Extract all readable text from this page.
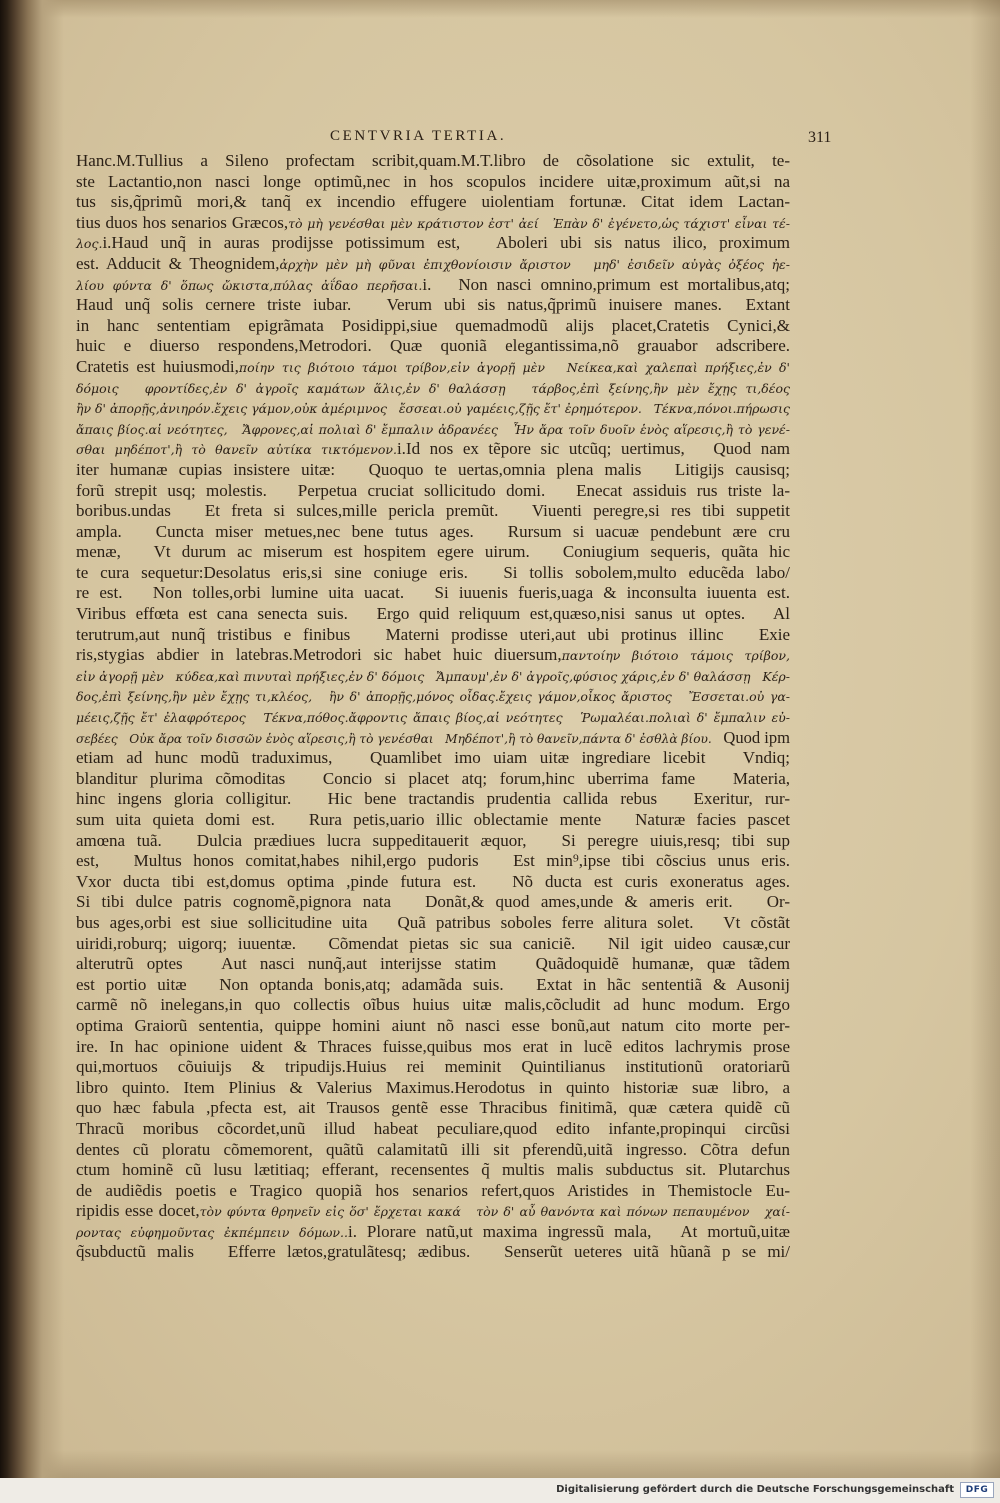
CENTVRIA TERTIA.	311
Hanc.M.Tullius a Sileno profectam scribit,quam.M.T.libro de cõsolatione sic extulit, te-
ste Lactantio,non nasci longe optimũ,nec in hos scopulos incidere uitæ,proximum aũt,si na
tus sis,q̃primũ mori,& tanq̃ ex incendio effugere uiolentiam fortunæ. Citat idem Lactan-
tius duos hos senarios Græcos,τὸ μὴ γενέσθαι μὲν κράτιστον ἐστ' ἀεί   Ἐπὰν δ' ἐγένετο,ὡς τάχιστ' εἶναι τέ-
λος.i.Haud unq̃ in auras prodijsse potissimum est,   Aboleri ubi sis natus ilico, proximum
est. Adducit & Theognidem,ἀρχὴν μὲν μὴ φῦναι ἐπιχθονίοισιν ἄριστον   μηδ' ἐσιδεῖν αὐγὰς ὀξέος ἠε-
λίου φύντα δ' ὅπως ὤκιστα,πύλας ἀΐδαο περῆσαι.i.   Non nasci omnino,primum est mortalibus,atq;
Haud unq̃ solis cernere triste iubar.   Verum ubi sis natus,q̃primũ inuisere manes.  Extant
in hanc sententiam epigrãmata Posidippi,siue quemadmodũ alijs placet,Cratetis Cynici,&
huic e diuerso respondens,Metrodori. Quæ quoniã elegantissima,nõ grauabor adscribere.
Cratetis est huiusmodi,ποίην τις βιότοιο τάμοι τρίβον,εἰν ἀγορῇ μὲν   Νείκεα,καὶ χαλεπαὶ πρήξιες,ἐν δ'
δόμοις   φροντίδες,ἐν δ' ἀγροῖς καμάτων ἅλις,ἐν δ' θαλάσσῃ   τάρβος,ἐπὶ ξείνης,ἢν μὲν ἔχῃς τι,δέος
ἢν δ' ἀπορῇς,ἀνιηρόν.ἔχεις γάμον,οὐκ ἀμέριμνος   ἔσσεαι.οὐ γαμέεις,ζῇς ἔτ' ἐρημότερον.   Τέκνα,πόνοι.πήρωσις
ἄπαις βίος.αἱ νεότητες,   Ἄφρονες,αἱ πολιαὶ δ' ἔμπαλιν ἀδρανέες   Ἦν ἄρα τοῖν δυοῖν ἑνὸς αἵρεσις,ἢ τὸ γενέ-
σθαι μηδέποτ',ἢ τὸ θανεῖν αὐτίκα τικτόμενον.i.Id nos ex tẽpore sic utcũq; uertimus,   Quod nam
iter humanæ cupias insistere uitæ:   Quoquo te uertas,omnia plena malis   Litigijs causisq;
forũ strepit usq; molestis.   Perpetua cruciat sollicitudo domi.   Enecat assiduis rus triste la-
boribus.undas   Et freta si sulces,mille pericla premũt.   Viuenti peregre,si res tibi suppetit
ampla.   Cuncta miser metues,nec bene tutus ages.   Rursum si uacuæ pendebunt ære cru
menæ,   Vt durum ac miserum est hospitem egere uirum.   Coniugium sequeris, quãta hic
te cura sequetur:Desolatus eris,si sine coniuge eris.   Si tollis sobolem,multo educẽda labo/
re est.   Non tolles,orbi lumine uita uacat.   Si iuuenis fueris,uaga & inconsulta iuuenta est.
Viribus effœta est cana senecta suis.   Ergo quid reliquum est,quæso,nisi sanus ut optes.   Al
terutrum,aut nunq̃ tristibus e finibus   Materni prodisse uteri,aut ubi protinus illinc   Exie
ris,stygias abdier in latebras.Metrodori sic habet huic diuersum,παντοίην βιότοιο τάμοις τρίβον,
εἰν ἀγορῇ μὲν   κύδεα,καὶ πινυταὶ πρήξιες,ἐν δ' δόμοις   Ἄμπαυμ',ἐν δ' ἀγροῖς,φύσιος χάρις,ἐν δ' θαλάσσῃ   Κέρ-
δος,ἐπὶ ξείνης,ἢν μὲν ἔχῃς τι,κλέος,   ἢν δ' ἀπορῇς,μόνος οἶδας.ἔχεις γάμον,οἶκος ἄριστος   Ἔσσεται.οὐ γα-
μέεις,ζῇς ἔτ' ἐλαφρότερος   Τέκνα,πόθος.ἄφροντις ἄπαις βίος,αἱ νεότητες   Ῥωμαλέαι.πολιαὶ δ' ἔμπαλιν εὐ-
σεβέες   Οὐκ ἄρα τοῖν δισσῶν ἑνὸς αἵρεσις,ἢ τὸ γενέσθαι   Μηδέποτ',ἢ τὸ θανεῖν,πάντα δ' ἐσθλὰ βίου.   Quod ipm
etiam ad hunc modũ traduximus,   Quamlibet imo uiam uitæ ingrediare licebit   Vndiq;
blanditur plurima cõmoditas   Concio si placet atq; forum,hinc uberrima fame   Materia,
hinc ingens gloria colligitur.   Hic bene tractandis prudentia callida rebus   Exeritur, rur-
sum uita quieta domi est.   Rura petis,uario illic oblectamie mente   Naturæ facies pascet
amœna tuã.   Dulcia prædiues lucra suppeditauerit æquor,   Si peregre uiuis,resq; tibi sup
est,   Multus honos comitat,habes nihil,ergo pudoris   Est min⁹,ipse tibi cõscius unus eris.
Vxor ducta tibi est,domus optima ,pinde futura est.   Nõ ducta est curis exoneratus ages.
Si tibi dulce patris cognomẽ,pignora nata   Donãt,& quod ames,unde & ameris erit.   Or-
bus ages,orbi est siue sollicitudine uita   Quã patribus soboles ferre alitura solet.   Vt cõstãt
uiridi,roburq; uigorq; iuuentæ.   Cõmendat pietas sic sua caniciẽ.   Nil igit uideo causæ,cur
alterutrũ optes   Aut nasci nunq̃,aut interijsse statim   Quãdoquidẽ humanæ, quæ tãdem
est portio uitæ   Non optanda bonis,atq; adamãda suis.   Extat in hãc sententiã & Ausonij
carmẽ nõ inelegans,in quo collectis oĩbus huius uitæ malis,cõcludit ad hunc modum. Ergo
optima Graiorũ sententia, quippe homini aiunt nõ nasci esse bonũ,aut natum cito morte per-
ire. In hac opinione uident & Thraces fuisse,quibus mos erat in lucẽ editos lachrymis prose
qui,mortuos cõuiuijs & tripudijs.Huius rei meminit Quintilianus institutionũ oratoriarũ
libro quinto. Item Plinius & Valerius Maximus.Herodotus in quinto historiæ suæ libro, a
quo hæc fabula ,pfecta est, ait Trausos gentẽ esse Thracibus finitimã, quæ cætera quidẽ cũ
Thracũ moribus cõcordet,unũ illud habeat peculiare,quod edito infante,propinqui circũsi
dentes cũ ploratu cõmemorent, quãtũ calamitatũ illi sit pferendũ,uitã ingresso. Cõtra defun
ctum hominẽ cũ lusu lætitiaq; efferant, recensentes q̃ multis malis subductus sit. Plutarchus
de audiẽdis poetis e Tragico quopiã hos senarios refert,quos Aristides in Themistocle Eu-
ripidis esse docet,τὸν φύντα θρηνεῖν εἰς ὅσ' ἔρχεται κακά   τὸν δ' αὖ θανόντα καὶ πόνων πεπαυμένον   χαί-
ροντας εὐφημοῦντας ἐκπέμπειν δόμων..i. Plorare natũ,ut maxima ingressũ mala,   At mortuũ,uitæ
q̃subductũ malis   Efferre lætos,gratulãtesq; ædibus.   Senserũt ueteres uitã hũanã p se mi/
Digitalisierung gefördert durch die Deutsche Forschungsgemeinschaft	DFG
